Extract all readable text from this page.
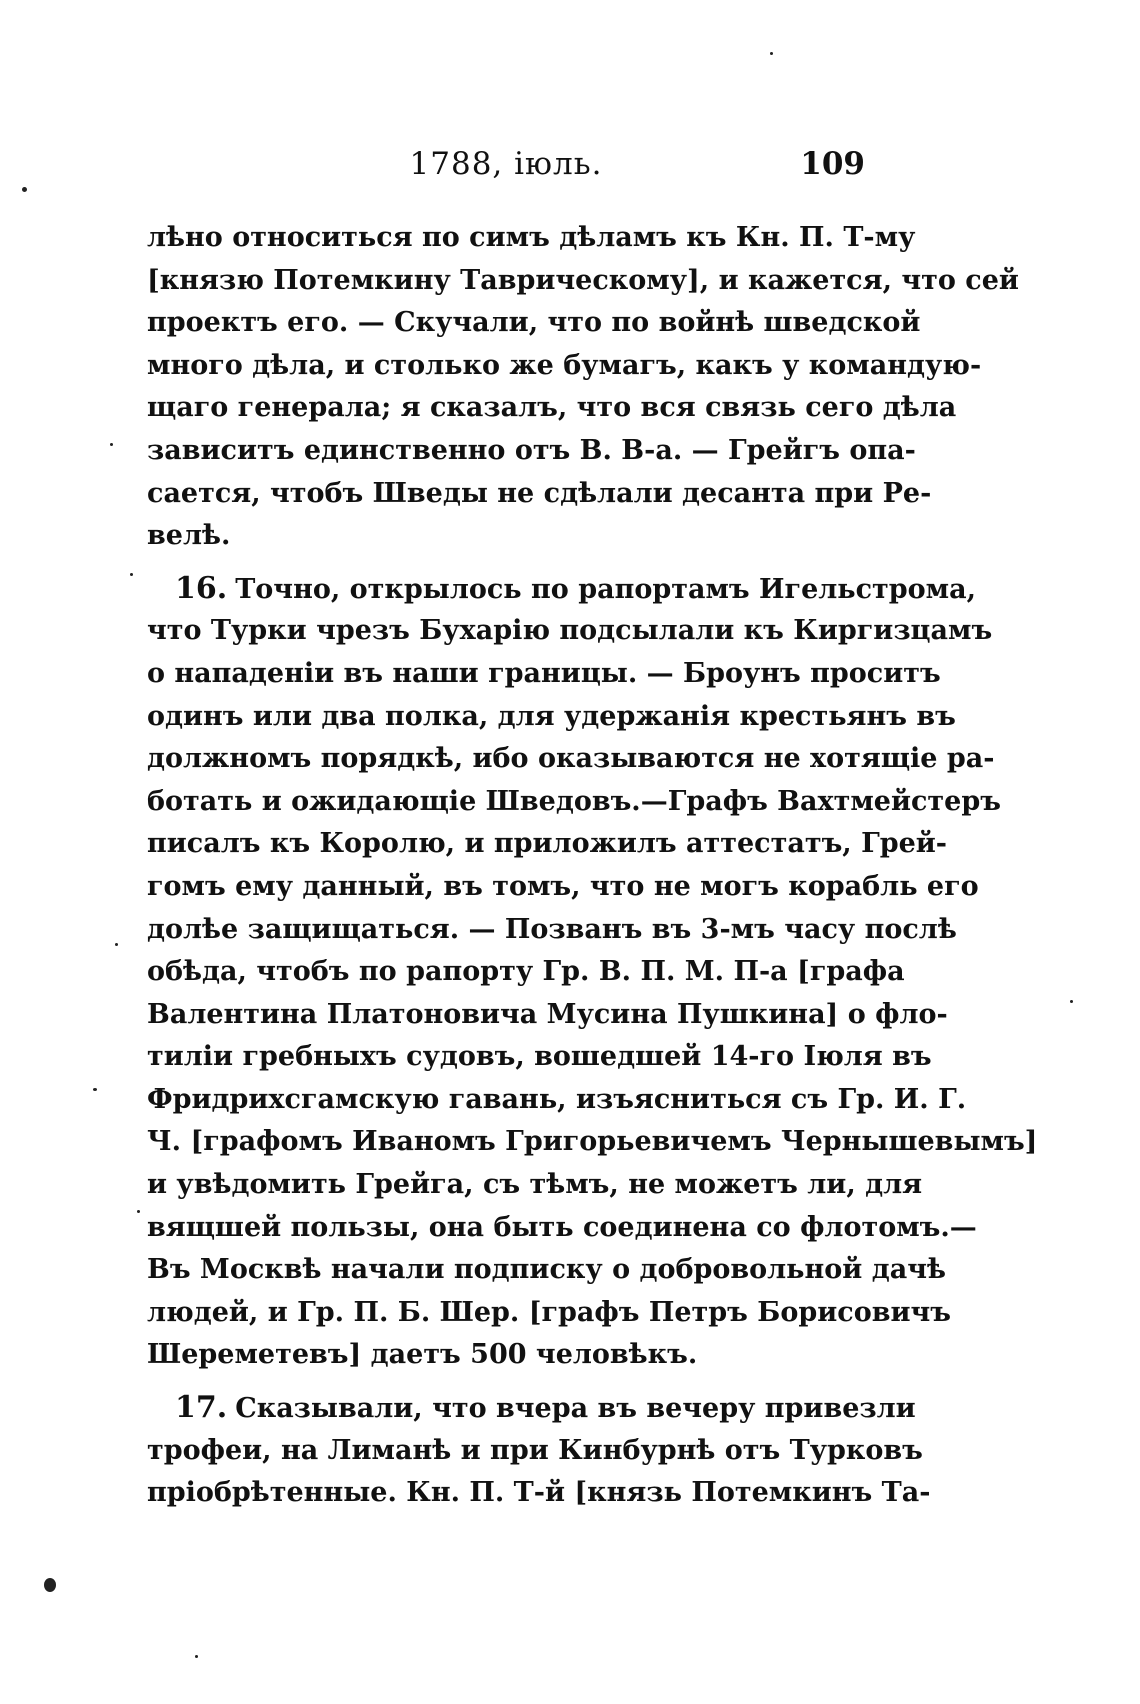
1788, іюль.	109
лѣно относиться по симъ дѣламъ къ Кн. П. Т-му
[князю Потемкину Таврическому], и кажется, что сей
проектъ его. — Скучали, что по войнѣ шведской
много дѣла, и столько же бумагъ, какъ у командую-
щаго генерала; я сказалъ, что вся связь сего дѣла
зависитъ единственно отъ В. В-а. — Грейгъ опа-
сается, чтобъ Шведы не сдѣлали десанта при Ре-
велѣ.
16. Точно, открылось по рапортамъ Игельстрома,
что Турки чрезъ Бухарію подсылали къ Киргизцамъ
о нападеніи въ наши границы. — Броунъ проситъ
одинъ или два полка, для удержанія крестьянъ въ
должномъ порядкѣ, ибо оказываются не хотящіе ра-
ботать и ожидающіе Шведовъ.—Графъ Вахтмейстеръ
писалъ къ Королю, и приложилъ аттестатъ, Грей-
гомъ ему данный, въ томъ, что не могъ корабль его
долѣе защищаться. — Позванъ въ 3-мъ часу послѣ
обѣда, чтобъ по рапорту Гр. В. П. М. П-а [графа
Валентина Платоновича Мусина Пушкина] о фло-
тиліи гребныхъ судовъ, вошедшей 14-го Іюля въ
Фридрихсгамскую гавань, изъясниться съ Гр. И. Г.
Ч. [графомъ Иваномъ Григорьевичемъ Чернышевымъ]
и увѣдомить Грейга, съ тѣмъ, не можетъ ли, для
вящшей пользы, она быть соединена со флотомъ.—
Въ Москвѣ начали подписку о добровольной дачѣ
людей, и Гр. П. Б. Шер. [графъ Петръ Борисовичъ
Шереметевъ] даетъ 500 человѣкъ.
17. Сказывали, что вчера въ вечеру привезли
трофеи, на Лиманѣ и при Кинбурнѣ отъ Турковъ
пріобрѣтенные. Кн. П. Т-й [князь Потемкинъ Та-
